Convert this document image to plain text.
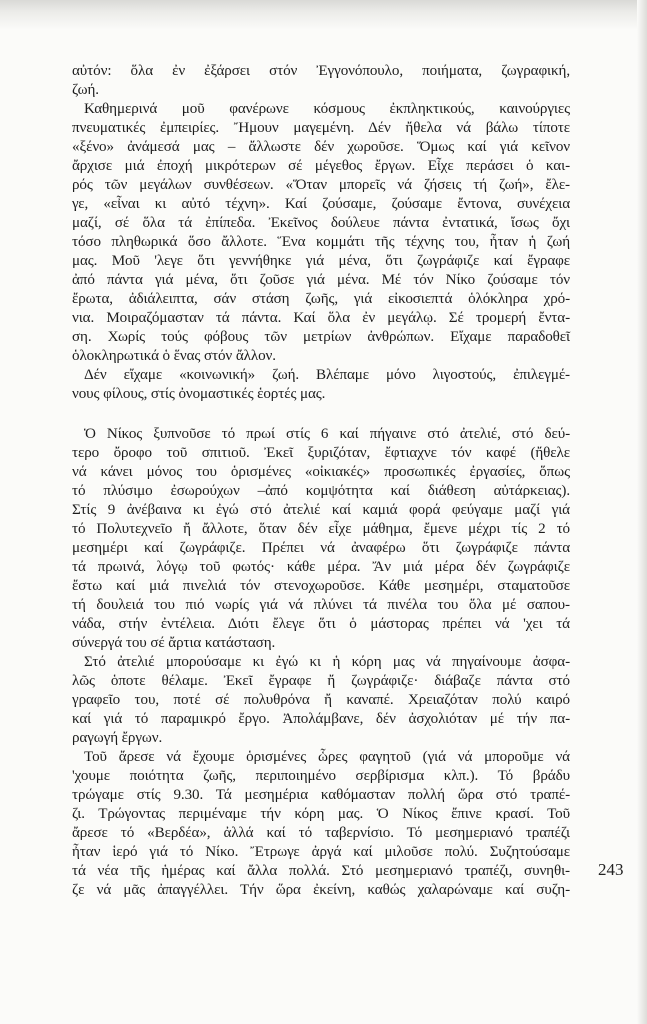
αὐτόν: ὅλα ἐν ἐξάρσει στόν Ἐγγονόπουλο, ποιήματα, ζωγραφική,
ζωή.
Καθημερινά μοῦ φανέρωνε κόσμους ἐκπληκτικούς, καινούργιες
πνευματικές ἐμπειρίες. Ἤμουν μαγεμένη. Δέν ἤθελα νά βάλω τίποτε
«ξένο» ἀνάμεσά μας – ἄλλωστε δέν χωροῦσε. Ὅμως καί γιά κεῖνον
ἄρχισε μιά ἐποχή μικρότερων σέ μέγεθος ἔργων. Εἶχε περάσει ὁ και-
ρός τῶν μεγάλων συνθέσεων. «Ὅταν μπορεῖς νά ζήσεις τή ζωή», ἔλε-
γε, «εἶναι κι αὐτό τέχνη». Καί ζούσαμε, ζούσαμε ἔντονα, συνέχεια
μαζί, σέ ὅλα τά ἐπίπεδα. Ἐκεῖνος δούλευε πάντα ἐντατικά, ἴσως ὄχι
τόσο πληθωρικά ὅσο ἄλλοτε. Ἕνα κομμάτι τῆς τέχνης του, ἦταν ἡ ζωή
μας. Μοῦ 'λεγε ὅτι γεννήθηκε γιά μένα, ὅτι ζωγράφιζε καί ἔγραφε
ἀπό πάντα γιά μένα, ὅτι ζοῦσε γιά μένα. Μέ τόν Νίκο ζούσαμε τόν
ἔρωτα, ἀδιάλειπτα, σάν στάση ζωῆς, γιά εἰκοσιεπτά ὁλόκληρα χρό-
νια. Μοιραζόμασταν τά πάντα. Καί ὅλα ἐν μεγάλῳ. Σέ τρομερή ἔντα-
ση. Χωρίς τούς φόβους τῶν μετρίων ἀνθρώπων. Εἴχαμε παραδοθεῖ
ὁλοκληρωτικά ὁ ἕνας στόν ἄλλον.
Δέν εἴχαμε «κοινωνική» ζωή. Βλέπαμε μόνο λιγοστούς, ἐπιλεγμέ-
νους φίλους, στίς ὀνομαστικές ἑορτές μας.
Ὁ Νίκος ξυπνοῦσε τό πρωί στίς 6 καί πήγαινε στό ἀτελιέ, στό δεύ-
τερο ὄροφο τοῦ σπιτιοῦ. Ἐκεῖ ξυριζόταν, ἔφτιαχνε τόν καφέ (ἤθελε
νά κάνει μόνος του ὁρισμένες «οἰκιακές» προσωπικές ἐργασίες, ὅπως
τό πλύσιμο ἐσωρούχων –ἀπό κομψότητα καί διάθεση αὐτάρκειας).
Στίς 9 ἀνέβαινα κι ἐγώ στό ἀτελιέ καί καμιά φορά φεύγαμε μαζί γιά
τό Πολυτεχνεῖο ἤ ἄλλοτε, ὅταν δέν εἶχε μάθημα, ἔμενε μέχρι τίς 2 τό
μεσημέρι καί ζωγράφιζε. Πρέπει νά ἀναφέρω ὅτι ζωγράφιζε πάντα
τά πρωινά, λόγῳ τοῦ φωτός· κάθε μέρα. Ἄν μιά μέρα δέν ζωγράφιζε
ἔστω καί μιά πινελιά τόν στενοχωροῦσε. Κάθε μεσημέρι, σταματοῦσε
τή δουλειά του πιό νωρίς γιά νά πλύνει τά πινέλα του ὅλα μέ σαπου-
νάδα, στήν ἐντέλεια. Διότι ἔλεγε ὅτι ὁ μάστορας πρέπει νά 'χει τά
σύνεργά του σέ ἄρτια κατάσταση.
Στό ἀτελιέ μπορούσαμε κι ἐγώ κι ἡ κόρη μας νά πηγαίνουμε ἀσφα-
λῶς ὁποτε θέλαμε. Ἐκεῖ ἔγραφε ἤ ζωγράφιζε· διάβαζε πάντα στό
γραφεῖο του, ποτέ σέ πολυθρόνα ἤ καναπέ. Χρειαζόταν πολύ καιρό
καί γιά τό παραμικρό ἔργο. Ἀπολάμβανε, δέν ἀσχολιόταν μέ τήν πα-
ραγωγή ἔργων.
Τοῦ ἄρεσε νά ἔχουμε ὁρισμένες ὧρες φαγητοῦ (γιά νά μποροῦμε νά
'χουμε ποιότητα ζωῆς, περιποιημένο σερβίρισμα κλπ.). Τό βράδυ
τρώγαμε στίς 9.30. Τά μεσημέρια καθόμασταν πολλή ὥρα στό τραπέ-
ζι. Τρώγοντας περιμέναμε τήν κόρη μας. Ὁ Νίκος ἔπινε κρασί. Τοῦ
ἄρεσε τό «Βερδέα», ἀλλά καί τό ταβερνίσιο. Τό μεσημεριανό τραπέζι
ἦταν ἱερό γιά τό Νίκο. Ἔτρωγε ἀργά καί μιλοῦσε πολύ. Συζητούσαμε
τά νέα τῆς ἡμέρας καί ἄλλα πολλά. Στό μεσημεριανό τραπέζι, συνηθι-
ζε νά μᾶς ἀπαγγέλλει. Τήν ὥρα ἐκείνη, καθώς χαλαρώναμε καί συζη-
243
